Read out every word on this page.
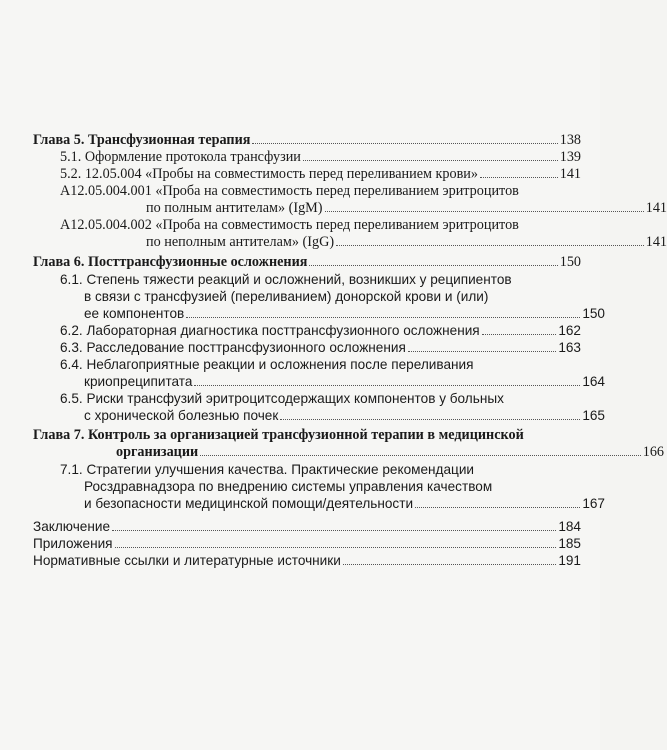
Глава 5. Трансфузионная терапия	138
5.1. Оформление протокола трансфузии	139
5.2. 12.05.004 «Пробы на совместимость перед переливанием крови»	141
А12.05.004.001 «Проба на совместимость перед переливанием эритроцитов
по полным антителам» (IgM)	141
А12.05.004.002 «Проба на совместимость перед переливанием эритроцитов
по неполным антителам» (IgG)	141
Глава 6. Посттрансфузионные осложнения	150
6.1. Степень тяжести реакций и осложнений, возникших у реципиентов
в связи с трансфузией (переливанием) донорской крови и (или)
ее компонентов	150
6.2. Лабораторная диагностика посттрансфузионного осложнения	162
6.3. Расследование посттрансфузионного осложнения	163
6.4. Неблагоприятные реакции и осложнения после переливания
криопреципитата	164
6.5. Риски трансфузий эритроцитсодержащих компонентов у больных
с хронической болезнью почек	165
Глава 7. Контроль за организацией трансфузионной терапии в медицинской
организации	166
7.1. Стратегии улучшения качества. Практические рекомендации
Росздравнадзора по внедрению системы управления качеством
и безопасности медицинской помощи/деятельности	167
Заключение	184
Приложения	185
Нормативные ссылки и литературные источники	191
